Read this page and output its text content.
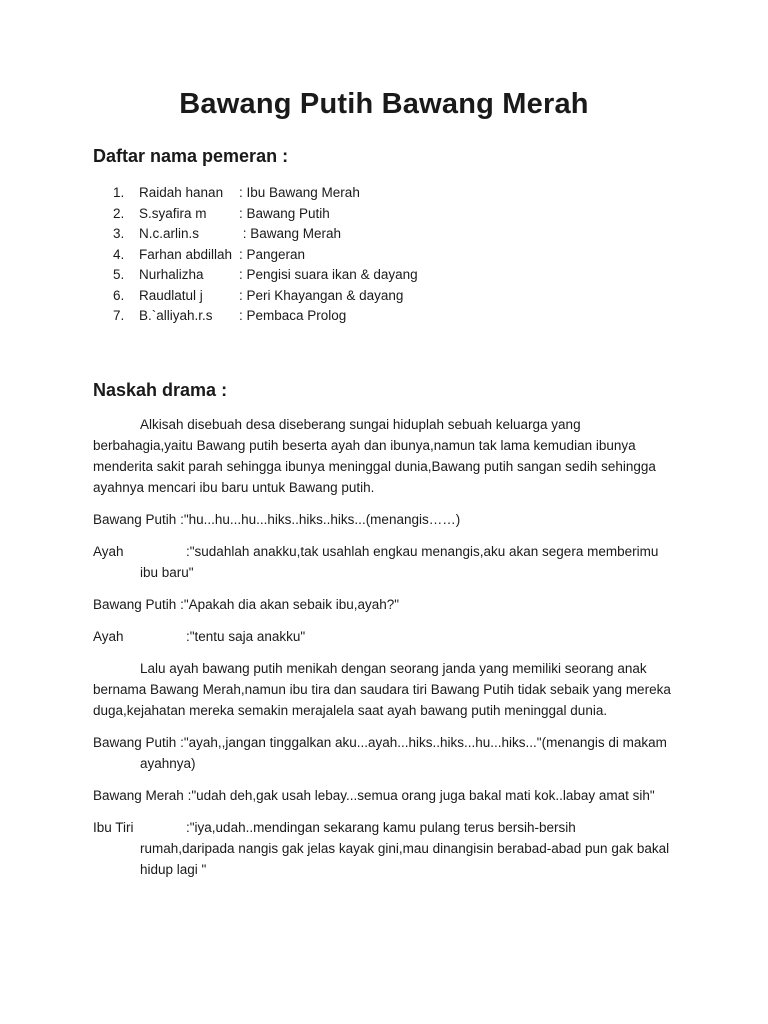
Bawang Putih Bawang Merah
Daftar nama pemeran :
1. Raidah hanan : Ibu Bawang Merah
2. S.syafira m : Bawang Putih
3. N.c.arlin.s	: Bawang Merah
4. Farhan abdillah : Pangeran
5. Nurhalizha	: Pengisi suara ikan & dayang
6. Raudlatul j	: Peri Khayangan & dayang
7. B.`alliyah.r.s : Pembaca Prolog
Naskah drama :

Alkisah disebuah desa diseberang sungai hiduplah sebuah keluarga yang berbahagia,yaitu Bawang putih beserta ayah dan ibunya,namun tak lama kemudian ibunya menderita sakit parah sehingga ibunya meninggal dunia,Bawang putih sangan sedih sehingga ayahnya mencari ibu baru untuk Bawang putih.

Bawang Putih :"hu...hu...hu...hiks..hiks..hiks...(menangis……)

Ayah	:"sudahlah anakku,tak usahlah engkau menangis,aku akan segera memberimu ibu baru"

Bawang Putih :"Apakah dia akan sebaik ibu,ayah?"

Ayah	:"tentu saja anakku"

Lalu ayah bawang putih menikah dengan seorang janda yang memiliki seorang anak bernama Bawang Merah,namun ibu tira dan saudara tiri Bawang Putih tidak sebaik yang mereka duga,kejahatan mereka semakin merajalela saat ayah bawang putih meninggal dunia.

Bawang Putih :"ayah,,jangan tinggalkan aku...ayah...hiks..hiks...hu...hiks..."(menangis di makam ayahnya)

Bawang Merah :"udah deh,gak usah lebay...semua orang juga bakal mati kok..labay amat sih"

Ibu Tiri	:"iya,udah..mendingan sekarang kamu pulang terus bersih-bersih rumah,daripada nangis gak jelas kayak gini,mau dinangisin berabad-abad pun gak bakal hidup lagi "
